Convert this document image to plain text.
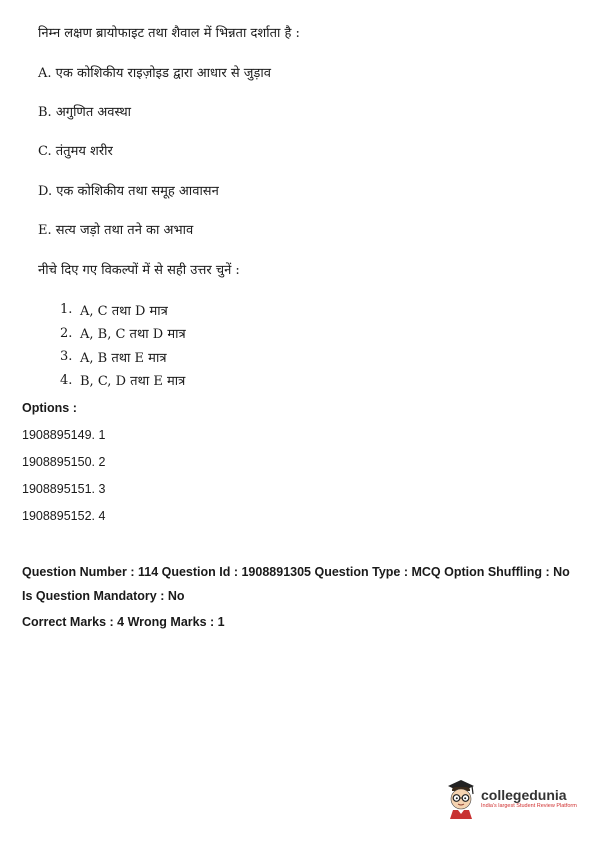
निम्न लक्षण ब्रायोफाइट तथा शैवाल में भिन्नता दर्शाता है :
A. एक कोशिकीय राइज़ोइड द्वारा आधार से जुड़ाव
B. अगुणित अवस्था
C. तंतुमय शरीर
D. एक कोशिकीय तथा समूह आवासन
E. सत्य जड़ो तथा तने का अभाव
नीचे दिए गए विकल्पों में से सही उत्तर चुनें :
1. A, C तथा D मात्र
2. A, B, C तथा D मात्र
3. A, B तथा E मात्र
4. B, C, D तथा E मात्र
Options :
1908895149. 1
1908895150. 2
1908895151. 3
1908895152. 4
Question Number : 114 Question Id : 1908891305 Question Type : MCQ Option Shuffling : No
Is Question Mandatory : No
Correct Marks : 4 Wrong Marks : 1
collegedunia
India's largest Student Review Platform
